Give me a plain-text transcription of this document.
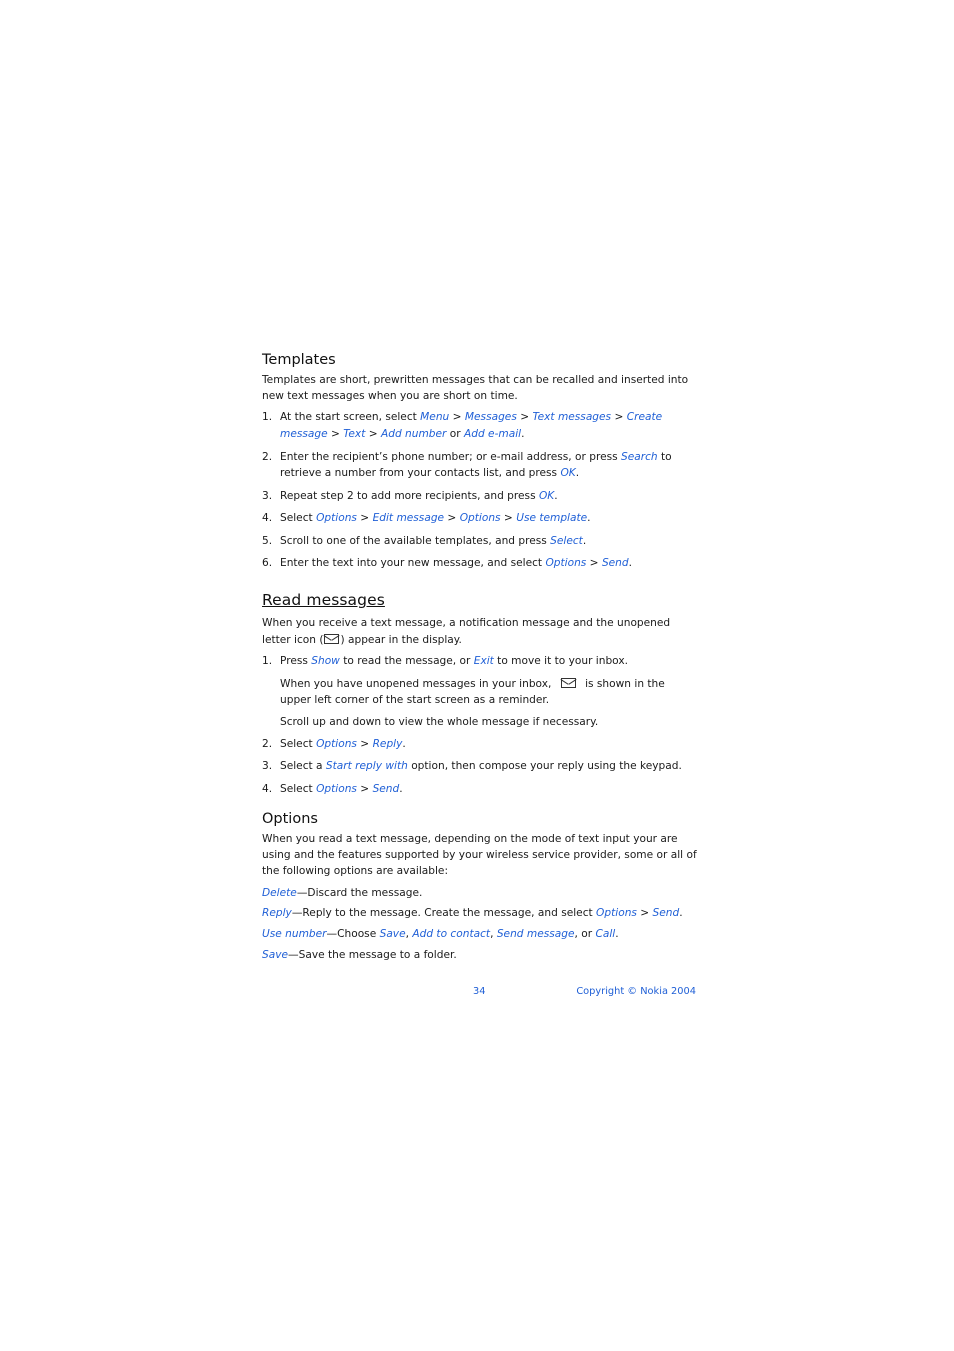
Templates

Templates are short, prewritten messages that can be recalled and inserted into new text messages when you are short on time.

1. At the start screen, select Menu > Messages > Text messages > Create message > Text > Add number or Add e-mail.
2. Enter the recipient’s phone number; or e-mail address, or press Search to retrieve a number from your contacts list, and press OK.
3. Repeat step 2 to add more recipients, and press OK.
4. Select Options > Edit message > Options > Use template.
5. Scroll to one of the available templates, and press Select.
6. Enter the text into your new message, and select Options > Send.
Read messages

When you receive a text message, a notification message and the unopened letter icon ( ) appear in the display.

1. Press Show to read the message, or Exit to move it to your inbox.

When you have unopened messages in your inbox,	is shown in the upper left corner of the start screen as a reminder.

Scroll up and down to view the whole message if necessary.

2. Select Options > Reply.
3. Select a Start reply with option, then compose your reply using the keypad.
4. Select Options > Send.
Options

When you read a text message, depending on the mode of text input your are using and the features supported by your wireless service provider, some or all of the following options are available:

Delete—Discard the message.

Reply—Reply to the message. Create the message, and select Options > Send.

Use number—Choose Save, Add to contact, Send message, or Call.

Save—Save the message to a folder.

34	Copyright © Nokia 2004
